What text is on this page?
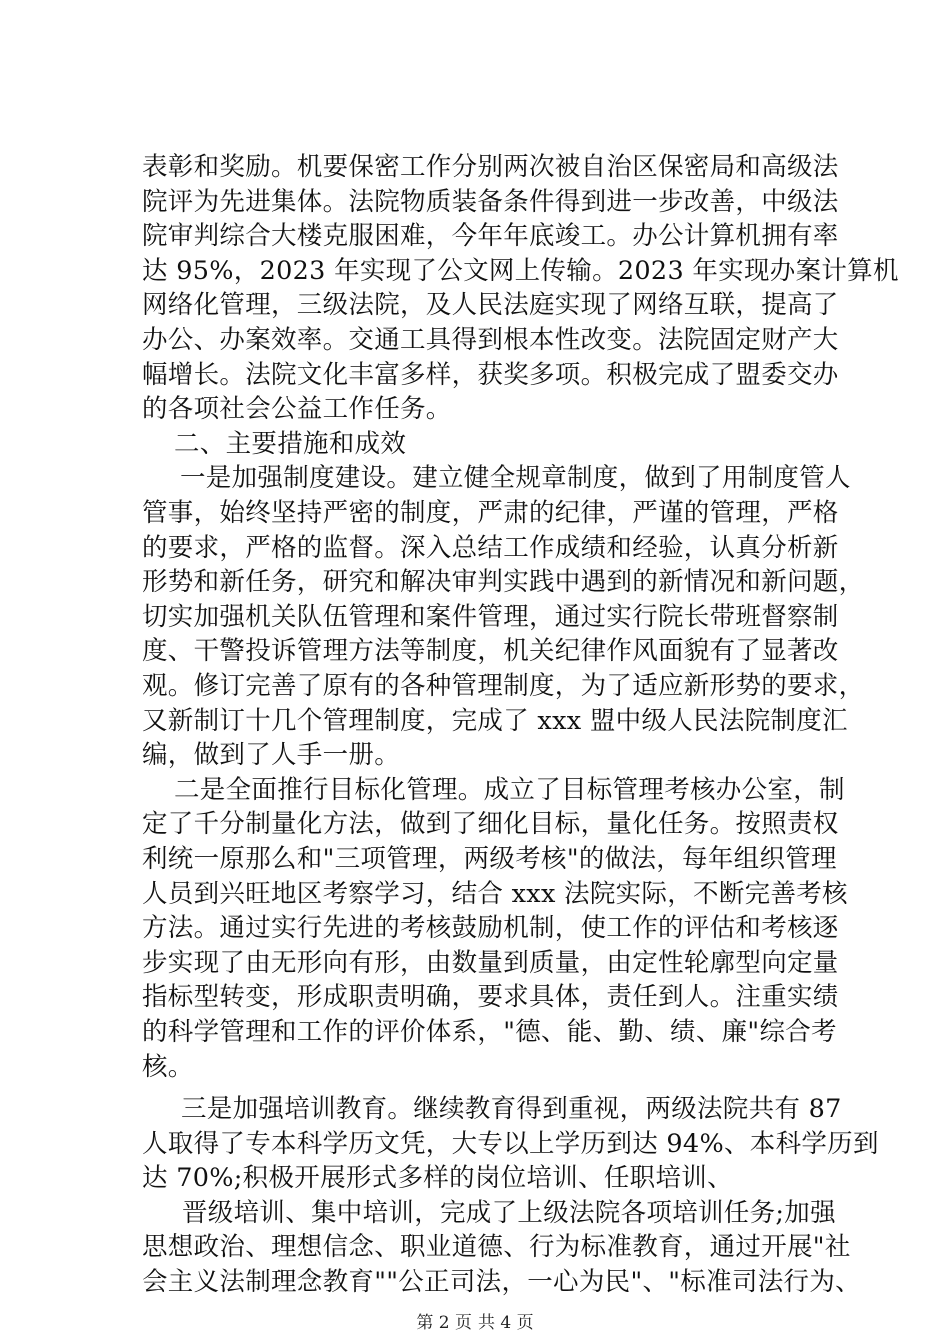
表彰和奖励。机要保密工作分别两次被自治区保密局和高级法
院评为先进集体。法院物质装备条件得到进一步改善，中级法
院审判综合大楼克服困难，今年年底竣工。办公计算机拥有率
达 95%，2023 年实现了公文网上传输。2023 年实现办案计算机
网络化管理，三级法院，及人民法庭实现了网络互联，提高了
办公、办案效率。交通工具得到根本性改变。法院固定财产大
幅增长。法院文化丰富多样，获奖多项。积极完成了盟委交办
的各项社会公益工作任务。
二、主要措施和成效
一是加强制度建设。建立健全规章制度，做到了用制度管人
管事，始终坚持严密的制度，严肃的纪律，严谨的管理，严格
的要求，严格的监督。深入总结工作成绩和经验，认真分析新
形势和新任务，研究和解决审判实践中遇到的新情况和新问题，
切实加强机关队伍管理和案件管理，通过实行院长带班督察制
度、干警投诉管理方法等制度，机关纪律作风面貌有了显著改
观。修订完善了原有的各种管理制度，为了适应新形势的要求，
又新制订十几个管理制度，完成了 xxx 盟中级人民法院制度汇
编，做到了人手一册。
二是全面推行目标化管理。成立了目标管理考核办公室，制
定了千分制量化方法，做到了细化目标，量化任务。按照责权
利统一原那么和"三项管理，两级考核"的做法，每年组织管理
人员到兴旺地区考察学习，结合 xxx 法院实际，不断完善考核
方法。通过实行先进的考核鼓励机制，使工作的评估和考核逐
步实现了由无形向有形，由数量到质量，由定性轮廓型向定量
指标型转变，形成职责明确，要求具体，责任到人。注重实绩
的科学管理和工作的评价体系，"德、能、勤、绩、廉"综合考
核。
三是加强培训教育。继续教育得到重视，两级法院共有 87
人取得了专本科学历文凭，大专以上学历到达 94%、本科学历到
达 70%;积极开展形式多样的岗位培训、任职培训、
晋级培训、集中培训，完成了上级法院各项培训任务;加强
思想政治、理想信念、职业道德、行为标准教育，通过开展"社
会主义法制理念教育""公正司法，一心为民"、"标准司法行为、
第 2 页 共 4 页
